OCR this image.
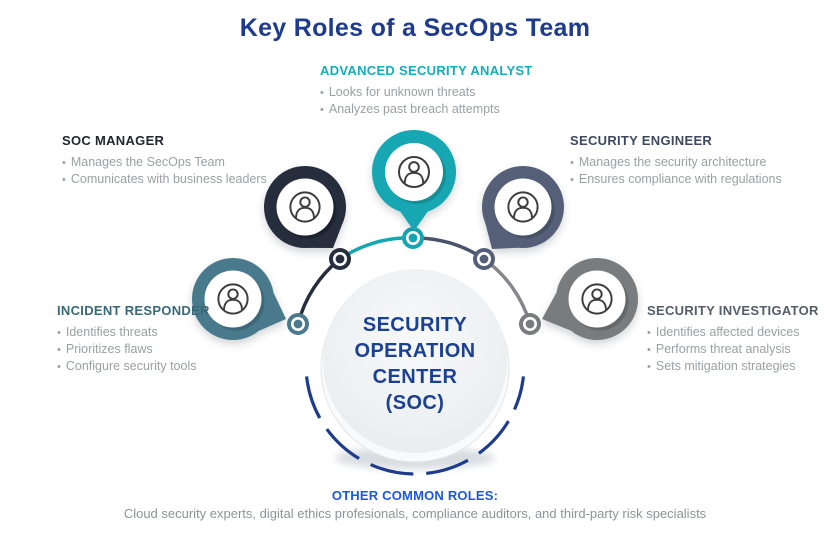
Key Roles of a SecOps Team
ADVANCED SECURITY ANALYST
• Looks for unknown threats
• Analyzes past breach attempts
SOC MANAGER
• Manages the SecOps Team
• Comunicates with business leaders
SECURITY ENGINEER
• Manages the security architecture
• Ensures compliance with regulations
INCIDENT RESPONDER
• Identifies threats
• Prioritizes flaws
• Configure security tools
SECURITY INVESTIGATOR
• Identifies affected devices
• Performs threat analysis
• Sets mitigation strategies
SECURITY
OPERATION
CENTER
(SOC)
OTHER COMMON ROLES:
Cloud security experts, digital ethics profesionals, compliance auditors, and third-party risk specialists
